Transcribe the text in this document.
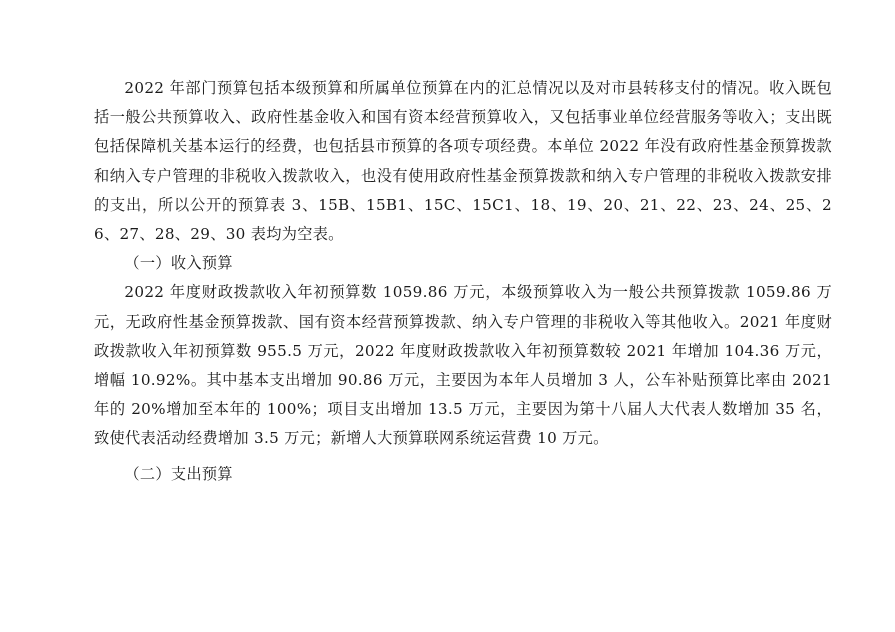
2022 年部门预算包括本级预算和所属单位预算在内的汇总情况以及对市县转移支付的情况。收入既包括一般公共预算收入、政府性基金收入和国有资本经营预算收入，又包括事业单位经营服务等收入；支出既包括保障机关基本运行的经费，也包括县市预算的各项专项经费。本单位 2022 年没有政府性基金预算拨款和纳入专户管理的非税收入拨款收入，也没有使用政府性基金预算拨款和纳入专户管理的非税收入拨款安排的支出，所以公开的预算表 3、15B、15B1、15C、15C1、18、19、20、21、22、23、24、25、26、27、28、29、30 表均为空表。

（一）收入预算

2022 年度财政拨款收入年初预算数 1059.86 万元，本级预算收入为一般公共预算拨款 1059.86 万元，无政府性基金预算拨款、国有资本经营预算拨款、纳入专户管理的非税收入等其他收入。2021 年度财政拨款收入年初预算数 955.5 万元，2022 年度财政拨款收入年初预算数较 2021 年增加 104.36 万元，增幅 10.92%。其中基本支出增加 90.86 万元，主要因为本年人员增加 3 人，公车补贴预算比率由 2021 年的 20%增加至本年的 100%；项目支出增加 13.5 万元，主要因为第十八届人大代表人数增加 35 名，致使代表活动经费增加 3.5 万元；新增人大预算联网系统运营费 10 万元。

（二）支出预算
